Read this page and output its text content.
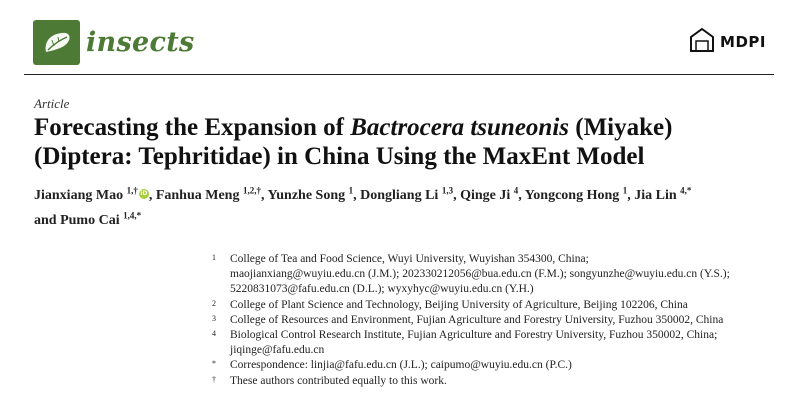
insects	MDPI
Article
Forecasting the Expansion of Bactrocera tsuneonis (Miyake) (Diptera: Tephritidae) in China Using the MaxEnt Model
Jianxiang Mao $^{1,\dagger}$ iD, Fanhua Meng $^{1,2,\dagger}$, Yunzhe Song $^1$, Dongliang Li $^{1,3}$, Qinge Ji $^4$, Yongcong Hong $^1$, Jia Lin $^{4,*}$
and Pumo Cai $^{1,4,*}$
1	College of Tea and Food Science, Wuyi University, Wuyishan 354300, China;
maojianxiang@wuyiu.edu.cn (J.M.); 202330212056@bua.edu.cn (F.M.); songyunzhe@wuyiu.edu.cn (Y.S.);
5220831073@fafu.edu.cn (D.L.); wyxyhyc@wuyiu.edu.cn (Y.H.)
2	College of Plant Science and Technology, Beijing University of Agriculture, Beijing 102206, China
3	College of Resources and Environment, Fujian Agriculture and Forestry University, Fuzhou 350002, China
4	Biological Control Research Institute, Fujian Agriculture and Forestry University, Fuzhou 350002, China;
jiqinge@fafu.edu.cn
*	Correspondence: linjia@fafu.edu.cn (J.L.); caipumo@wuyiu.edu.cn (P.C.)
†	These authors contributed equally to this work.
